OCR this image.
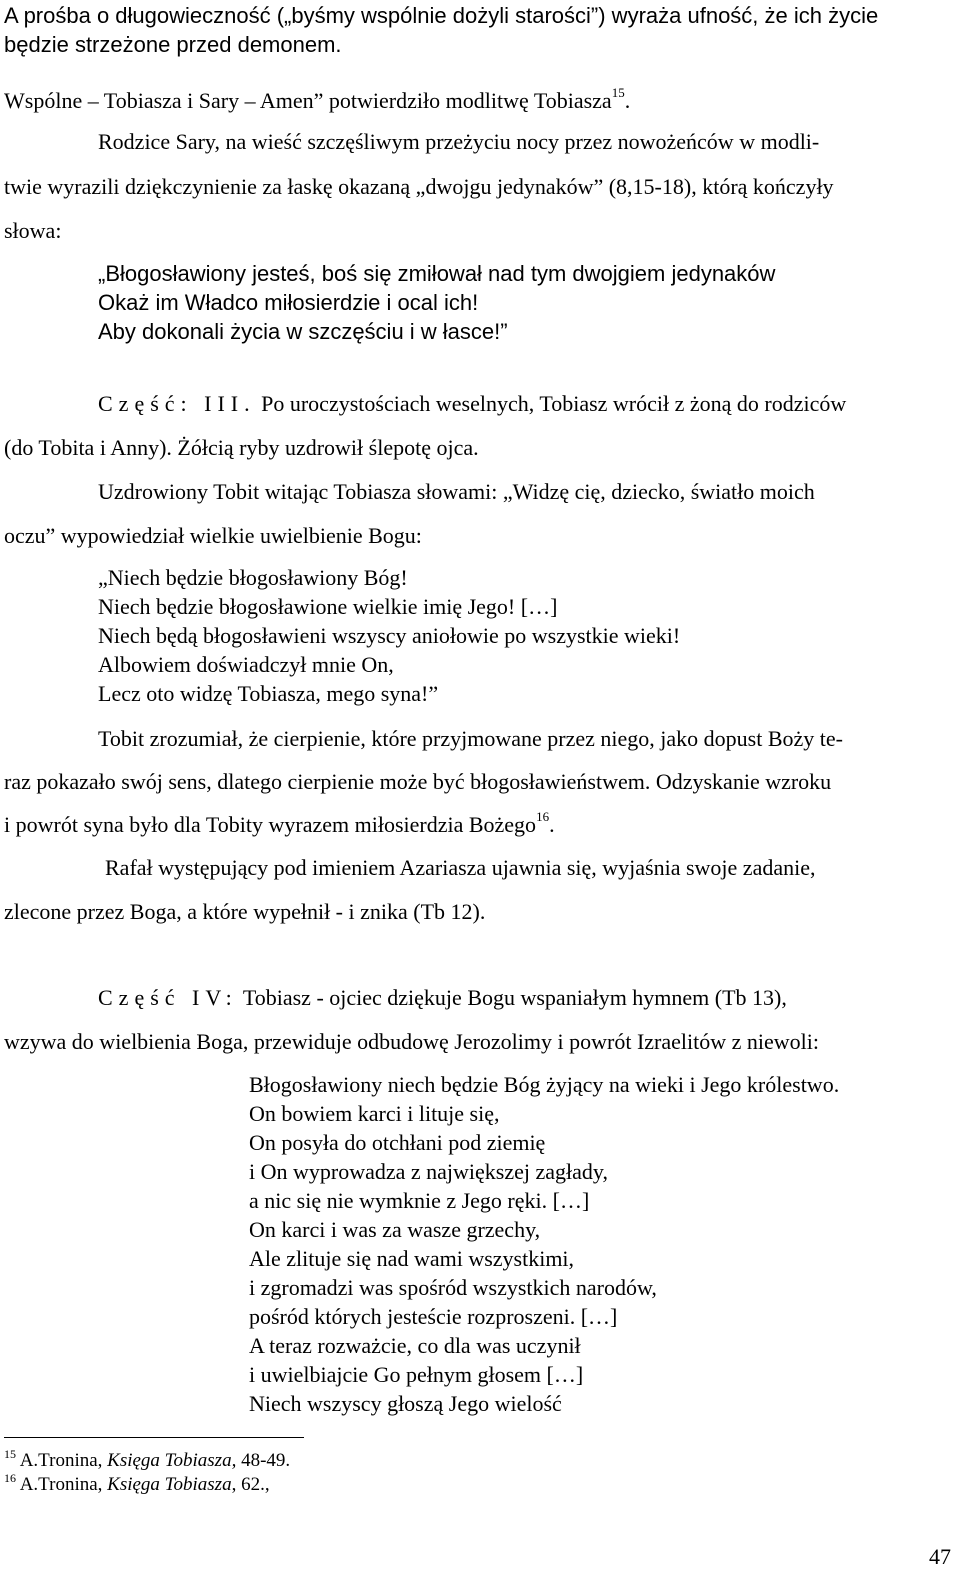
A prośba o długowieczność („byśmy wspólnie dożyli starości”) wyraża ufność, że ich życie
będzie strzeżone przed demonem.
Wspólne – Tobiasza i Sary – Amen” potwierdziło modlitwę Tobiasza$^{15}$.
Rodzice Sary, na wieść szczęśliwym przeżyciu nocy przez nowożeńców w modli-
twie wyrazili dziękczynienie za łaskę okazaną „dwojgu jedynaków” (8,15-18), którą kończyły
słowa:
„Błogosławiony jesteś, boś się zmiłował nad tym dwojgiem jedynaków
Okaż im Władco miłosierdzie i ocal ich!
Aby dokonali życia w szczęściu i w łasce!”
Część: III. Po uroczystościach weselnych, Tobiasz wrócił z żoną do rodziców
(do Tobita i Anny). Żółcią ryby uzdrowił ślepotę ojca.
Uzdrowiony Tobit witając Tobiasza słowami: „Widzę cię, dziecko, światło moich
oczu” wypowiedział wielkie uwielbienie Bogu:
„Niech będzie błogosławiony Bóg!
Niech będzie błogosławione wielkie imię Jego! […]
Niech będą błogosławieni wszyscy aniołowie po wszystkie wieki!
Albowiem doświadczył mnie On,
Lecz oto widzę Tobiasza, mego syna!”
Tobit zrozumiał, że cierpienie, które przyjmowane przez niego, jako dopust Boży te-
raz pokazało swój sens, dlatego cierpienie może być błogosławieństwem. Odzyskanie wzroku
i powrót syna było dla Tobity wyrazem miłosierdzia Bożego$^{16}$.
Rafał występujący pod imieniem Azariasza ujawnia się, wyjaśnia swoje zadanie,
zlecone przez Boga, a które wypełnił - i znika (Tb 12).
Część IV: Tobiasz - ojciec dziękuje Bogu wspaniałym hymnem (Tb 13),
wzywa do wielbienia Boga, przewiduje odbudowę Jerozolimy i powrót Izraelitów z niewoli:
Błogosławiony niech będzie Bóg żyjący na wieki i Jego królestwo.
On bowiem karci i lituje się,
On posyła do otchłani pod ziemię
i On wyprowadza z największej zagłady,
a nic się nie wymknie z Jego ręki. […]
On karci i was za wasze grzechy,
Ale zlituje się nad wami wszystkimi,
i zgromadzi was spośród wszystkich narodów,
pośród których jesteście rozproszeni. […]
A teraz rozważcie, co dla was uczynił
i uwielbiajcie Go pełnym głosem […]
Niech wszyscy głoszą Jego wielość
$^{15}$ A.Tronina, Księga Tobiasza, 48-49.
$^{16}$ A.Tronina, Księga Tobiasza, 62.,
47
